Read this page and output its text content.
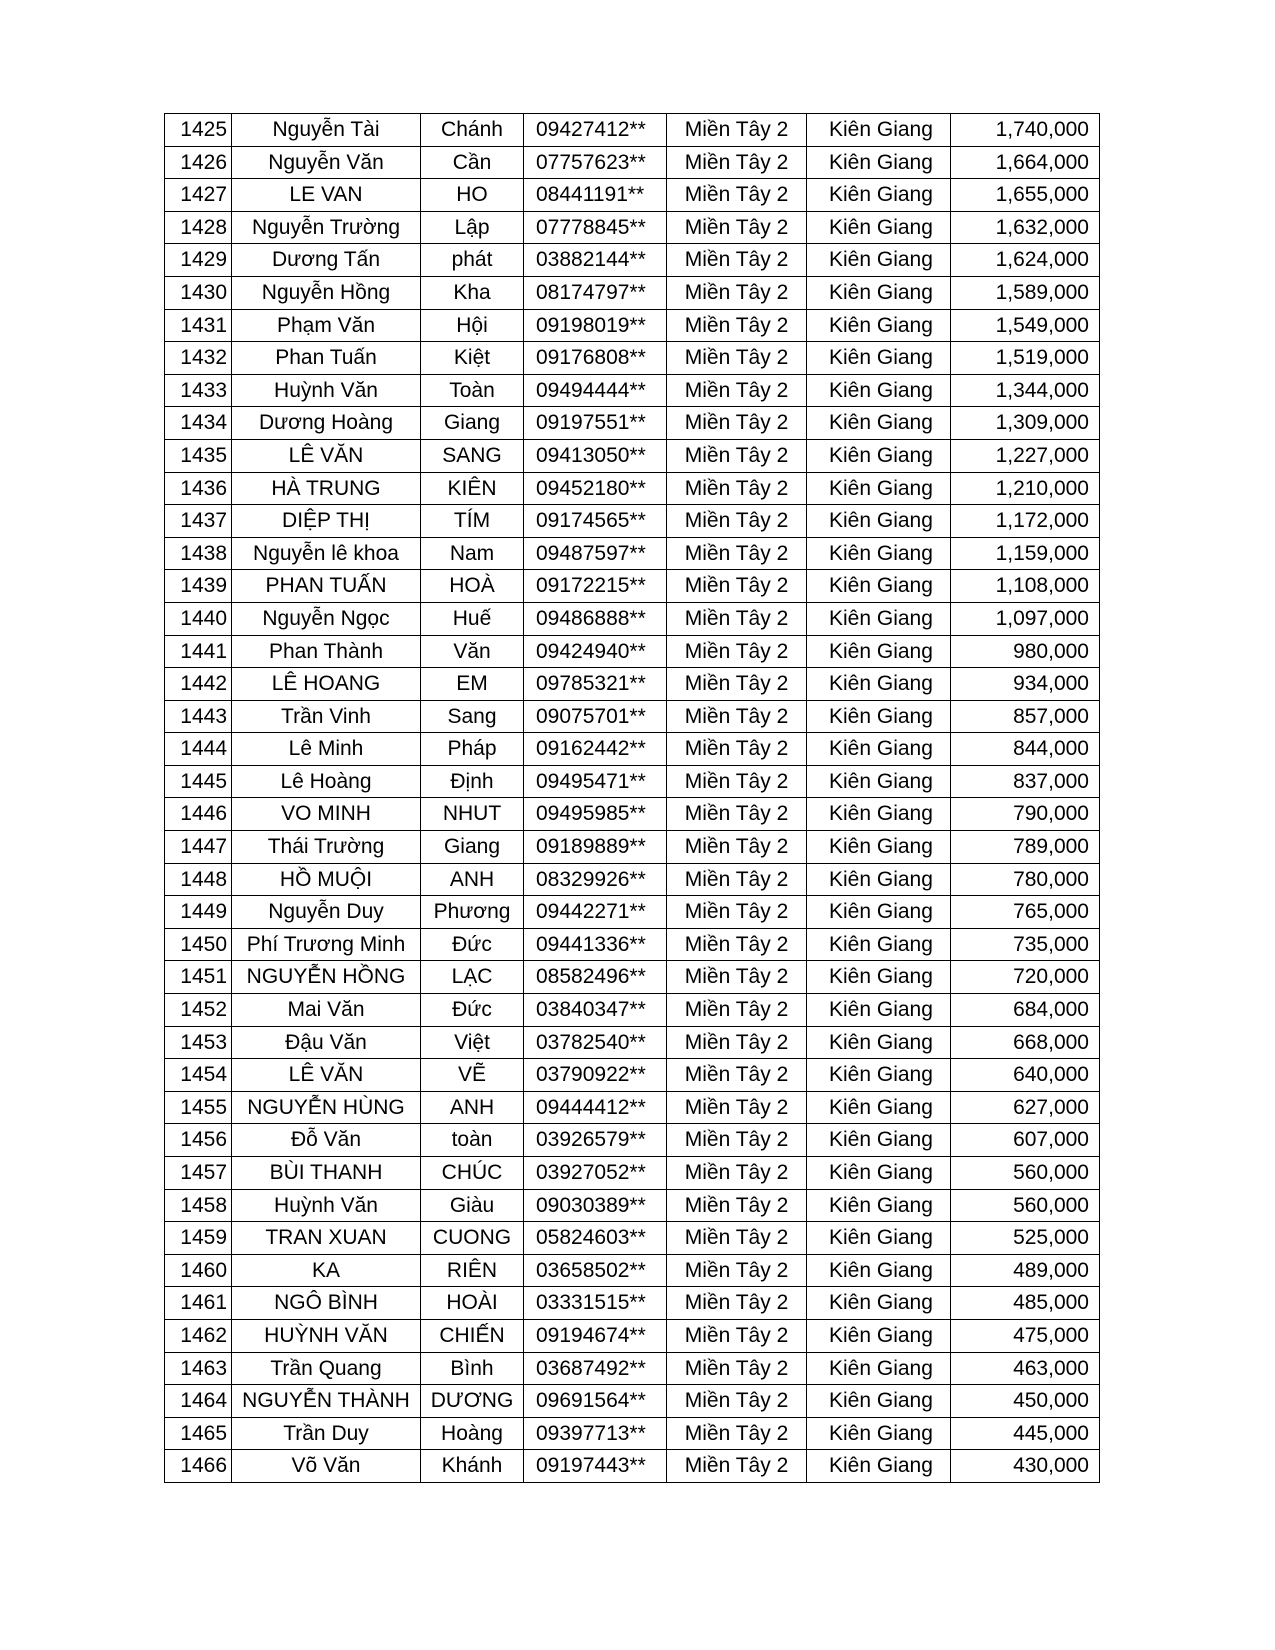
1425	Nguyễn Tài	Chánh	09427412**	Miền Tây 2	Kiên Giang	1,740,000
1426	Nguyễn Văn	Cần	07757623**	Miền Tây 2	Kiên Giang	1,664,000
1427	LE VAN	HO	08441191**	Miền Tây 2	Kiên Giang	1,655,000
1428	Nguyễn Trường	Lập	07778845**	Miền Tây 2	Kiên Giang	1,632,000
1429	Dương Tấn	phát	03882144**	Miền Tây 2	Kiên Giang	1,624,000
1430	Nguyễn Hồng	Kha	08174797**	Miền Tây 2	Kiên Giang	1,589,000
1431	Phạm Văn	Hội	09198019**	Miền Tây 2	Kiên Giang	1,549,000
1432	Phan Tuấn	Kiệt	09176808**	Miền Tây 2	Kiên Giang	1,519,000
1433	Huỳnh Văn	Toàn	09494444**	Miền Tây 2	Kiên Giang	1,344,000
1434	Dương Hoàng	Giang	09197551**	Miền Tây 2	Kiên Giang	1,309,000
1435	LÊ VĂN	SANG	09413050**	Miền Tây 2	Kiên Giang	1,227,000
1436	HÀ TRUNG	KIÊN	09452180**	Miền Tây 2	Kiên Giang	1,210,000
1437	DIỆP THỊ	TÍM	09174565**	Miền Tây 2	Kiên Giang	1,172,000
1438	Nguyễn lê khoa	Nam	09487597**	Miền Tây 2	Kiên Giang	1,159,000
1439	PHAN TUẤN	HOÀ	09172215**	Miền Tây 2	Kiên Giang	1,108,000
1440	Nguyễn Ngọc	Huế	09486888**	Miền Tây 2	Kiên Giang	1,097,000
1441	Phan Thành	Văn	09424940**	Miền Tây 2	Kiên Giang	980,000
1442	LÊ HOANG	EM	09785321**	Miền Tây 2	Kiên Giang	934,000
1443	Trần Vinh	Sang	09075701**	Miền Tây 2	Kiên Giang	857,000
1444	Lê Minh	Pháp	09162442**	Miền Tây 2	Kiên Giang	844,000
1445	Lê Hoàng	Định	09495471**	Miền Tây 2	Kiên Giang	837,000
1446	VO MINH	NHUT	09495985**	Miền Tây 2	Kiên Giang	790,000
1447	Thái Trường	Giang	09189889**	Miền Tây 2	Kiên Giang	789,000
1448	HỒ MUỘI	ANH	08329926**	Miền Tây 2	Kiên Giang	780,000
1449	Nguyễn Duy	Phương	09442271**	Miền Tây 2	Kiên Giang	765,000
1450	Phí Trương Minh	Đức	09441336**	Miền Tây 2	Kiên Giang	735,000
1451	NGUYỄN HỒNG	LẠC	08582496**	Miền Tây 2	Kiên Giang	720,000
1452	Mai Văn	Đức	03840347**	Miền Tây 2	Kiên Giang	684,000
1453	Đậu Văn	Việt	03782540**	Miền Tây 2	Kiên Giang	668,000
1454	LÊ VĂN	VẼ	03790922**	Miền Tây 2	Kiên Giang	640,000
1455	NGUYỄN HÙNG	ANH	09444412**	Miền Tây 2	Kiên Giang	627,000
1456	Đỗ Văn	toàn	03926579**	Miền Tây 2	Kiên Giang	607,000
1457	BÙI THANH	CHÚC	03927052**	Miền Tây 2	Kiên Giang	560,000
1458	Huỳnh Văn	Giàu	09030389**	Miền Tây 2	Kiên Giang	560,000
1459	TRAN XUAN	CUONG	05824603**	Miền Tây 2	Kiên Giang	525,000
1460	KA	RIÊN	03658502**	Miền Tây 2	Kiên Giang	489,000
1461	NGÔ BÌNH	HOÀI	03331515**	Miền Tây 2	Kiên Giang	485,000
1462	HUỲNH VĂN	CHIẾN	09194674**	Miền Tây 2	Kiên Giang	475,000
1463	Trần Quang	Bình	03687492**	Miền Tây 2	Kiên Giang	463,000
1464	NGUYỄN THÀNH	DƯƠNG	09691564**	Miền Tây 2	Kiên Giang	450,000
1465	Trần Duy	Hoàng	09397713**	Miền Tây 2	Kiên Giang	445,000
1466	Võ Văn	Khánh	09197443**	Miền Tây 2	Kiên Giang	430,000
